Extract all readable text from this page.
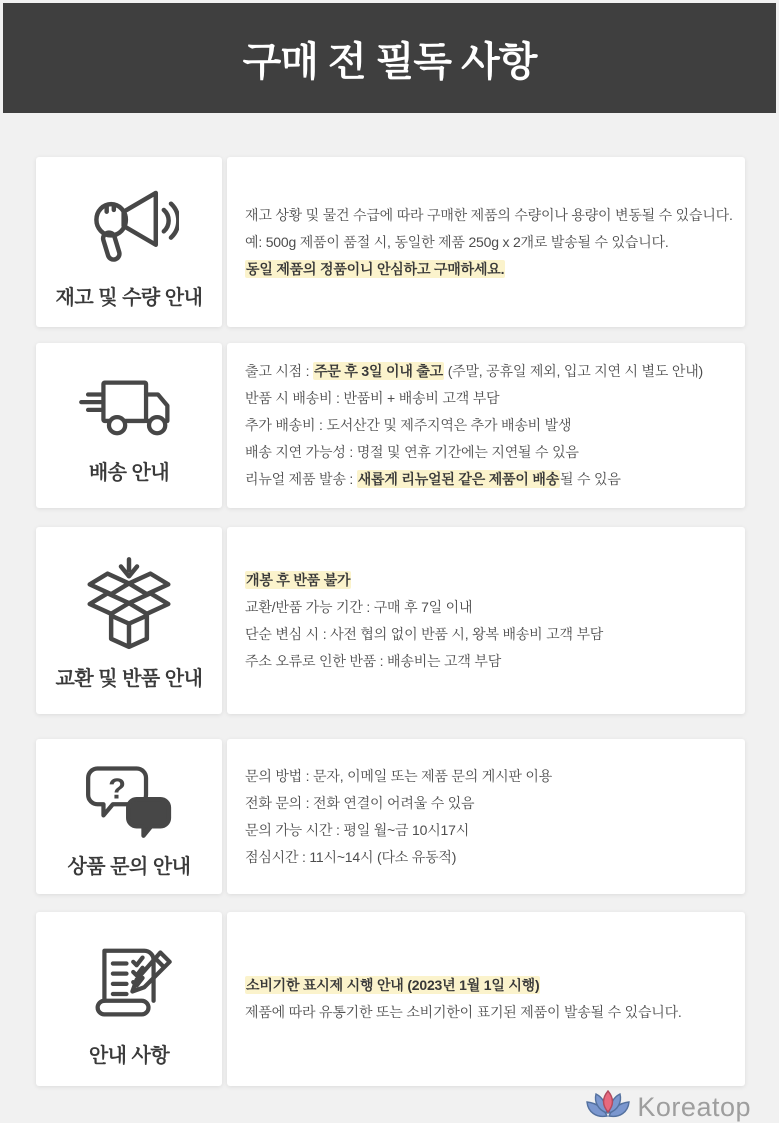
구매 전 필독 사항
재고 및 수량 안내

재고 상황 및 물건 수급에 따라 구매한 제품의 수량이나 용량이 변동될 수 있습니다.

예: 500g 제품이 품절 시, 동일한 제품 250g x 2개로 발송될 수 있습니다.

동일 제품의 정품이니 안심하고 구매하세요.

배송 안내

출고 시점 : 주문 후 3일 이내 출고 (주말, 공휴일 제외, 입고 지연 시 별도 안내)

반품 시 배송비 : 반품비 + 배송비 고객 부담

추가 배송비 : 도서산간 및 제주지역은 추가 배송비 발생

배송 지연 가능성 : 명절 및 연휴 기간에는 지연될 수 있음

리뉴얼 제품 발송 : 새롭게 리뉴얼된 같은 제품이 배송될 수 있음

교환 및 반품 안내

개봉 후 반품 불가

교환/반품 가능 기간 : 구매 후 7일 이내

단순 변심 시 : 사전 협의 없이 반품 시, 왕복 배송비 고객 부담

주소 오류로 인한 반품 : 배송비는 고객 부담

?
상품 문의 안내

문의 방법 : 문자, 이메일 또는 제품 문의 게시판 이용

전화 문의 : 전화 연결이 어려울 수 있음

문의 가능 시간 : 평일 월~금 10시17시

점심시간 : 11시~14시 (다소 유동적)

안내 사항

소비기한 표시제 시행 안내 (2023년 1월 1일 시행)

제품에 따라 유통기한 또는 소비기한이 표기된 제품이 발송될 수 있습니다.

Koreatop
